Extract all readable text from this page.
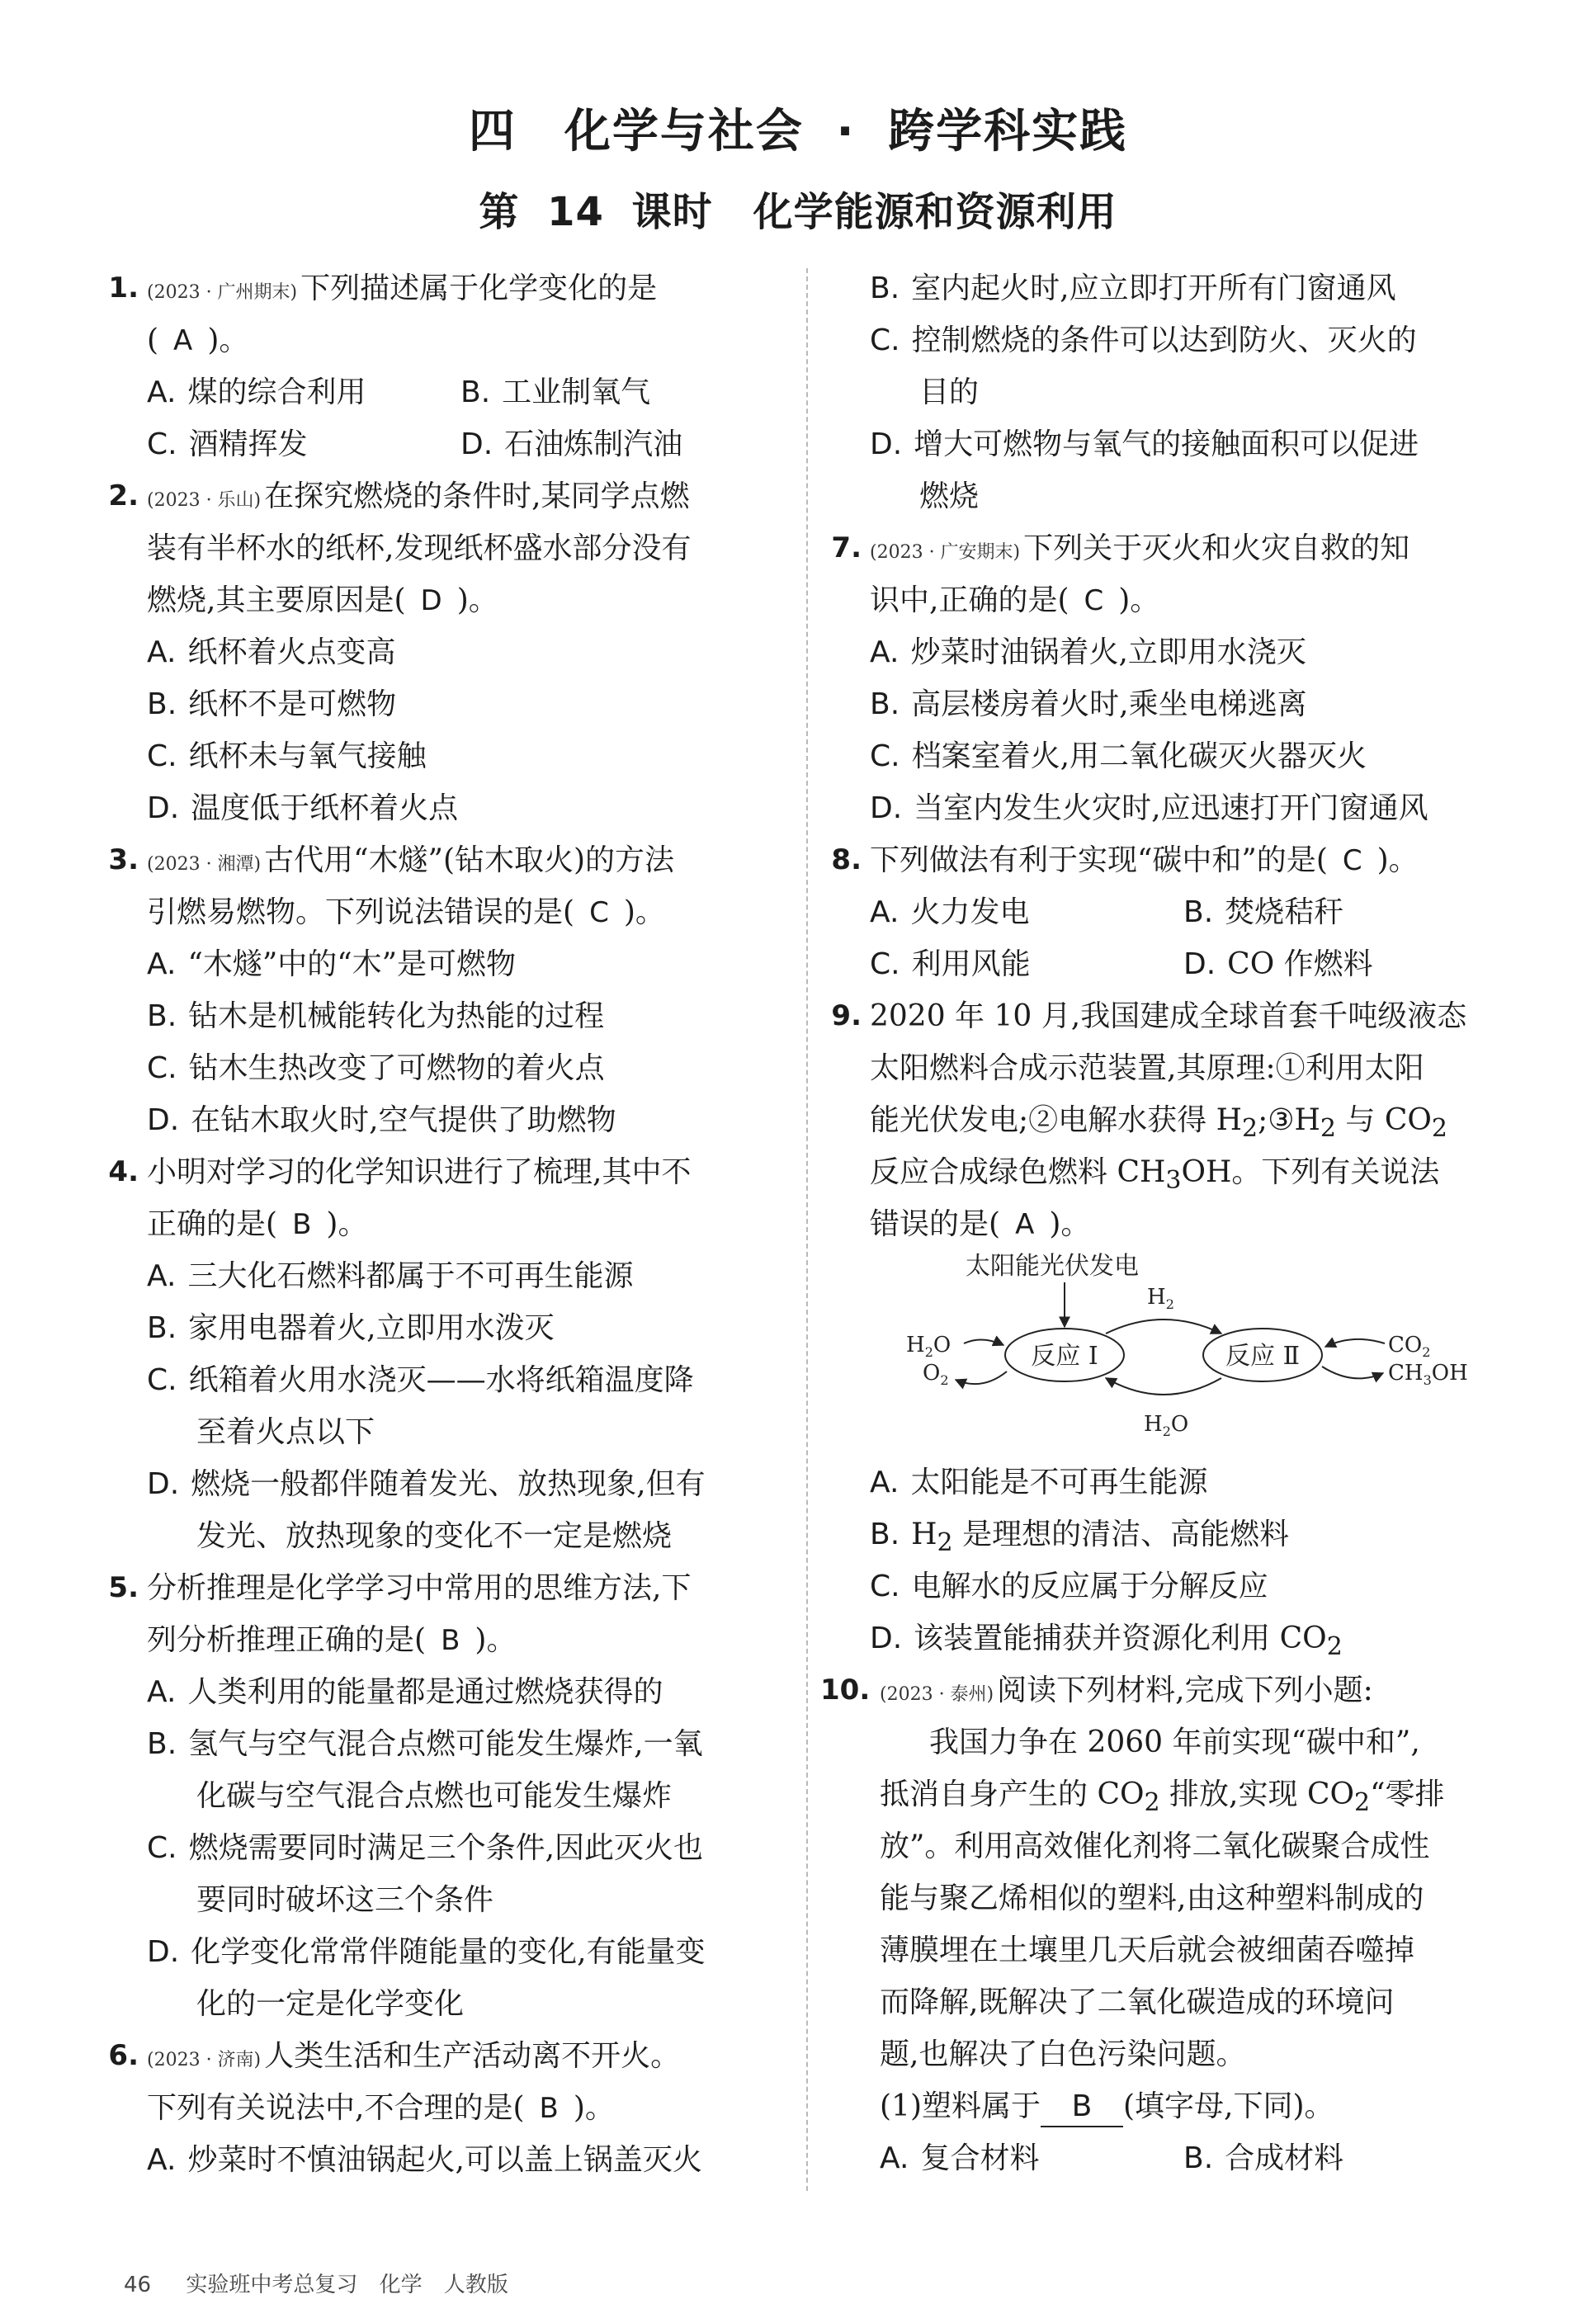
四　化学与社会 · 跨学科实践
第 14 课时　化学能源和资源利用
1. (2023 · 广州期末) 下列描述属于化学变化的是
( A )。
A. 煤的综合利用	B. 工业制氧气
C. 酒精挥发	D. 石油炼制汽油
2. (2023 · 乐山) 在探究燃烧的条件时,某同学点燃
装有半杯水的纸杯,发现纸杯盛水部分没有
燃烧,其主要原因是( D )。
A. 纸杯着火点变高
B. 纸杯不是可燃物
C. 纸杯未与氧气接触
D. 温度低于纸杯着火点
3. (2023 · 湘潭) 古代用“木燧”(钻木取火)的方法
引燃易燃物。下列说法错误的是( C )。
A. “木燧”中的“木”是可燃物
B. 钻木是机械能转化为热能的过程
C. 钻木生热改变了可燃物的着火点
D. 在钻木取火时,空气提供了助燃物
4. 小明对学习的化学知识进行了梳理,其中不
正确的是( B )。
A. 三大化石燃料都属于不可再生能源
B. 家用电器着火,立即用水泼灭
C. 纸箱着火用水浇灭——水将纸箱温度降
至着火点以下
D. 燃烧一般都伴随着发光、放热现象,但有
发光、放热现象的变化不一定是燃烧
5. 分析推理是化学学习中常用的思维方法,下
列分析推理正确的是( B )。
A. 人类利用的能量都是通过燃烧获得的
B. 氢气与空气混合点燃可能发生爆炸,一氧
化碳与空气混合点燃也可能发生爆炸
C. 燃烧需要同时满足三个条件,因此灭火也
要同时破坏这三个条件
D. 化学变化常常伴随能量的变化,有能量变
化的一定是化学变化
6. (2023 · 济南) 人类生活和生产活动离不开火。
下列有关说法中,不合理的是( B )。
A. 炒菜时不慎油锅起火,可以盖上锅盖灭火
B. 室内起火时,应立即打开所有门窗通风
C. 控制燃烧的条件可以达到防火、灭火的
目的
D. 增大可燃物与氧气的接触面积可以促进
燃烧
7. (2023 · 广安期末) 下列关于灭火和火灾自救的知
识中,正确的是( C )。
A. 炒菜时油锅着火,立即用水浇灭
B. 高层楼房着火时,乘坐电梯逃离
C. 档案室着火,用二氧化碳灭火器灭火
D. 当室内发生火灾时,应迅速打开门窗通风
8. 下列做法有利于实现“碳中和”的是( C )。
A. 火力发电	B. 焚烧秸秆
C. 利用风能	D. CO 作燃料
9. 2020 年 10 月,我国建成全球首套千吨级液态
太阳燃料合成示范装置,其原理:①利用太阳
能光伏发电;②电解水获得 $H_2;③H_2$ 与 $CO_2$
反应合成绿色燃料 $CH_3OH$。下列有关说法
错误的是( A )。
A. 太阳能是不可再生能源
B. $H_2$ 是理想的清洁、高能燃料
C. 电解水的反应属于分解反应
D. 该装置能捕获并资源化利用 $CO_2$
10. (2023 · 泰州) 阅读下列材料,完成下列小题:
我国力争在 2060 年前实现“碳中和”,
抵消自身产生的 $CO_2$ 排放,实现 $CO_2“$零排
放”。利用高效催化剂将二氧化碳聚合成性
能与聚乙烯相似的塑料,由这种塑料制成的
薄膜埋在土壤里几天后就会被细菌吞噬掉
而降解,既解决了二氧化碳造成的环境问
题,也解决了白色污染问题。
(1)塑料属于 B (填字母,下同)。
A. 复合材料	B. 合成材料
太阳能光伏发电
反应 Ⅰ	反应 Ⅱ
$H_2$
$H_2O$
$H_2O$
$O_2$
$CO_2$
$CH_3OH$
46 实验班中考总复习 化学 人教版
